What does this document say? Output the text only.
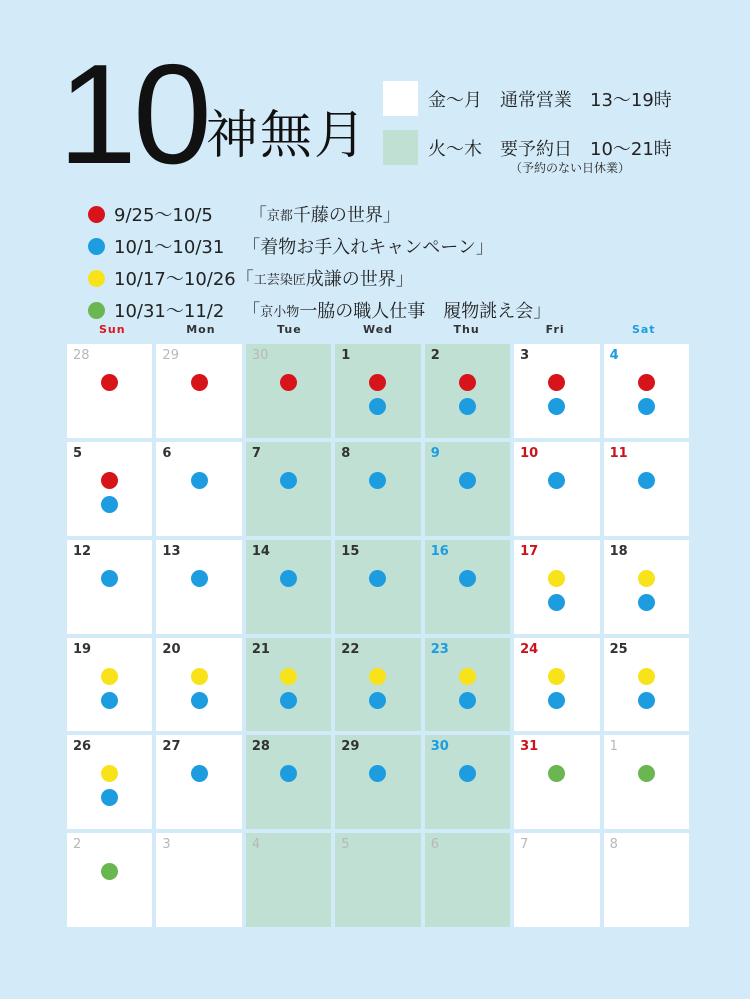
10
神無月
金〜月　通常営業　13〜19時
火〜木　要予約日　10〜21時
（予約のない日休業）
9/25〜10/5
　　 「 京都 千藤の世界」
10/1〜10/31
　 「 着物お手入れキャンペーン」
10/17〜10/26 「 工芸染匠 成謙の世界」
10/31〜11/2
　 「 京小物 一脇の職人仕事　履物誂え会」
Sun	Mon	Tue	Wed	Thu	Fri	Sat
28	29	30	1	2	3	4
5	6	7	8	9	10	11
12	13	14	15	16	17	18
19	20	21	22	23	24	25
26	27	28	29	30	31	1
2	3	4	5	6	7	8
